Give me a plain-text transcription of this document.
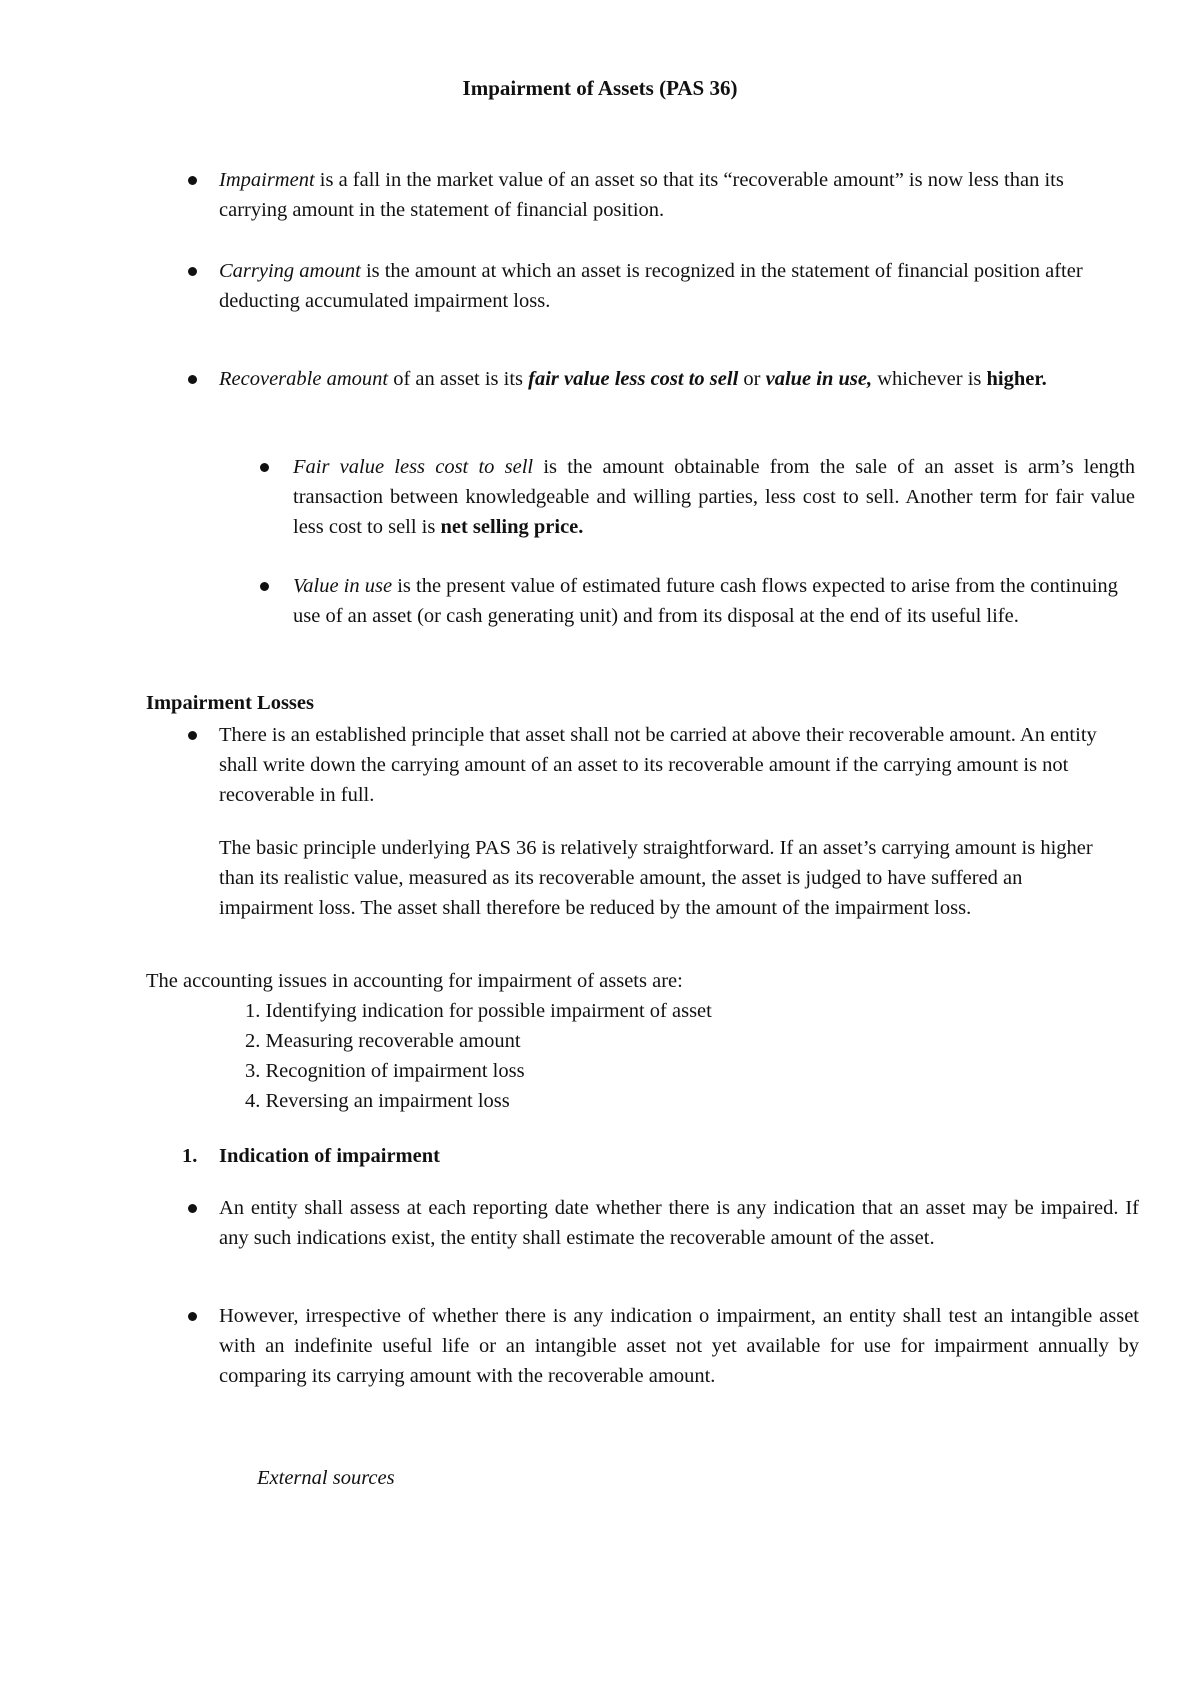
Impairment of Assets (PAS 36)
Impairment is a fall in the market value of an asset so that its “recoverable amount” is now less than its carrying amount in the statement of financial position.
Carrying amount is the amount at which an asset is recognized in the statement of financial position after deducting accumulated impairment loss.
Recoverable amount of an asset is its fair value less cost to sell or value in use, whichever is higher.
Fair value less cost to sell is the amount obtainable from the sale of an asset is arm’s length transaction between knowledgeable and willing parties, less cost to sell. Another term for fair value less cost to sell is net selling price.
Value in use is the present value of estimated future cash flows expected to arise from the continuing use of an asset (or cash generating unit) and from its disposal at the end of its useful life.
Impairment Losses
There is an established principle that asset shall not be carried at above their recoverable amount. An entity shall write down the carrying amount of an asset to its recoverable amount if the carrying amount is not recoverable in full.
The basic principle underlying PAS 36 is relatively straightforward. If an asset’s carrying amount is higher than its realistic value, measured as its recoverable amount, the asset is judged to have suffered an impairment loss. The asset shall therefore be reduced by the amount of the impairment loss.
The accounting issues in accounting for impairment of assets are:
1. Identifying indication for possible impairment of asset
2. Measuring recoverable amount
3. Recognition of impairment loss
4. Reversing an impairment loss
1. Indication of impairment
An entity shall assess at each reporting date whether there is any indication that an asset may be impaired. If any such indications exist, the entity shall estimate the recoverable amount of the asset.
However, irrespective of whether there is any indication o impairment, an entity shall test an intangible asset with an indefinite useful life or an intangible asset not yet available for use for impairment annually by comparing its carrying amount with the recoverable amount.
External sources
